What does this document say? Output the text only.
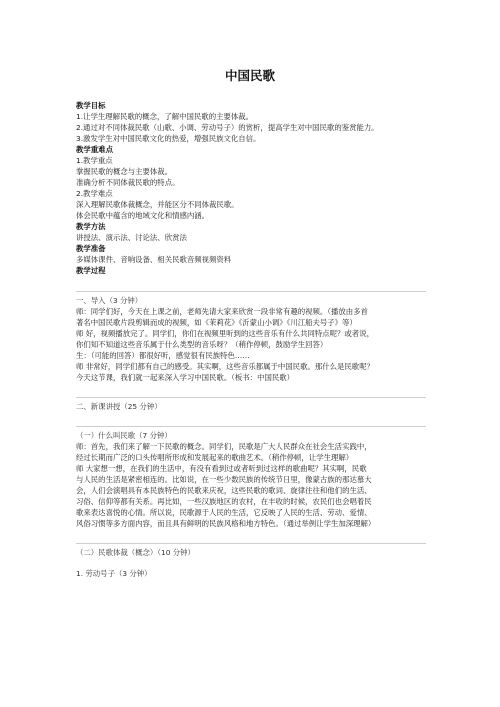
中国民歌

教学目标

1.让学生理解民歌的概念，了解中国民歌的主要体裁。

2.通过对不同体裁民歌（山歌、小调、劳动号子）的赏析，提高学生对中国民歌的鉴赏能力。

3.激发学生对中国民歌文化的热爱，增强民族文化自信。

教学重难点

1.教学重点

掌握民歌的概念与主要体裁。

准确分析不同体裁民歌的特点。

2.教学难点

深入理解民歌体裁概念，并能区分不同体裁民歌。

体会民歌中蕴含的地域文化和情感内涵。

教学方法

讲授法、演示法、讨论法、欣赏法

教学准备

多媒体课件、音响设备、相关民歌音频视频资料

教学过程

一、导入（3 分钟）

师：同学们好，今天在上课之前，老师先请大家来欣赏一段非常有趣的视频。（播放由多首

著名中国民歌片段剪辑而成的视频，如《茉莉花》《沂蒙山小调》《川江船夫号子》等）

师 好，视频播放完了。同学们，你们在视频里听到的这些音乐有什么共同特点呢？或者说，

你们知不知道这些音乐属于什么类型的音乐呀？（稍作停顿，鼓励学生回答）

生：（可能的回答）都很好听，感觉很有民族特色……

师 非常好，同学们都有自己的感受。其实啊，这些音乐都属于中国民歌。那什么是民歌呢？

今天这节课，我们就一起来深入学习中国民歌。（板书：中国民歌）

二、新课讲授（25 分钟）

（一）什么叫民歌（7 分钟）

师：首先，我们来了解一下民歌的概念。同学们，民歌是广大人民群众在社会生活实践中，

经过长期而广泛的口头传唱所形成和发展起来的歌曲艺术。（稍作停顿，让学生理解）

师 大家想一想，在我们的生活中，有没有看到过或者听到过这样的歌曲呢？其实啊，民歌

与人民的生活是紧密相连的。比如说，在一些少数民族的传统节日里，像蒙古族的那达慕大

会，人们会演唱具有本民族特色的民歌来庆祝，这些民歌的歌词、旋律往往和他们的生活、

习俗、信仰等都有关系。再比如，一些汉族地区的农村，在丰收的时候，农民们也会唱着民

歌来表达喜悦的心情。所以说，民歌源于人民的生活，它反映了人民的生活、劳动、爱情、

风俗习惯等多方面内容，而且具有鲜明的民族风格和地方特色。（通过举例让学生加深理解）

（二）民歌体裁（概念）（10 分钟）

1. 劳动号子（3 分钟）
